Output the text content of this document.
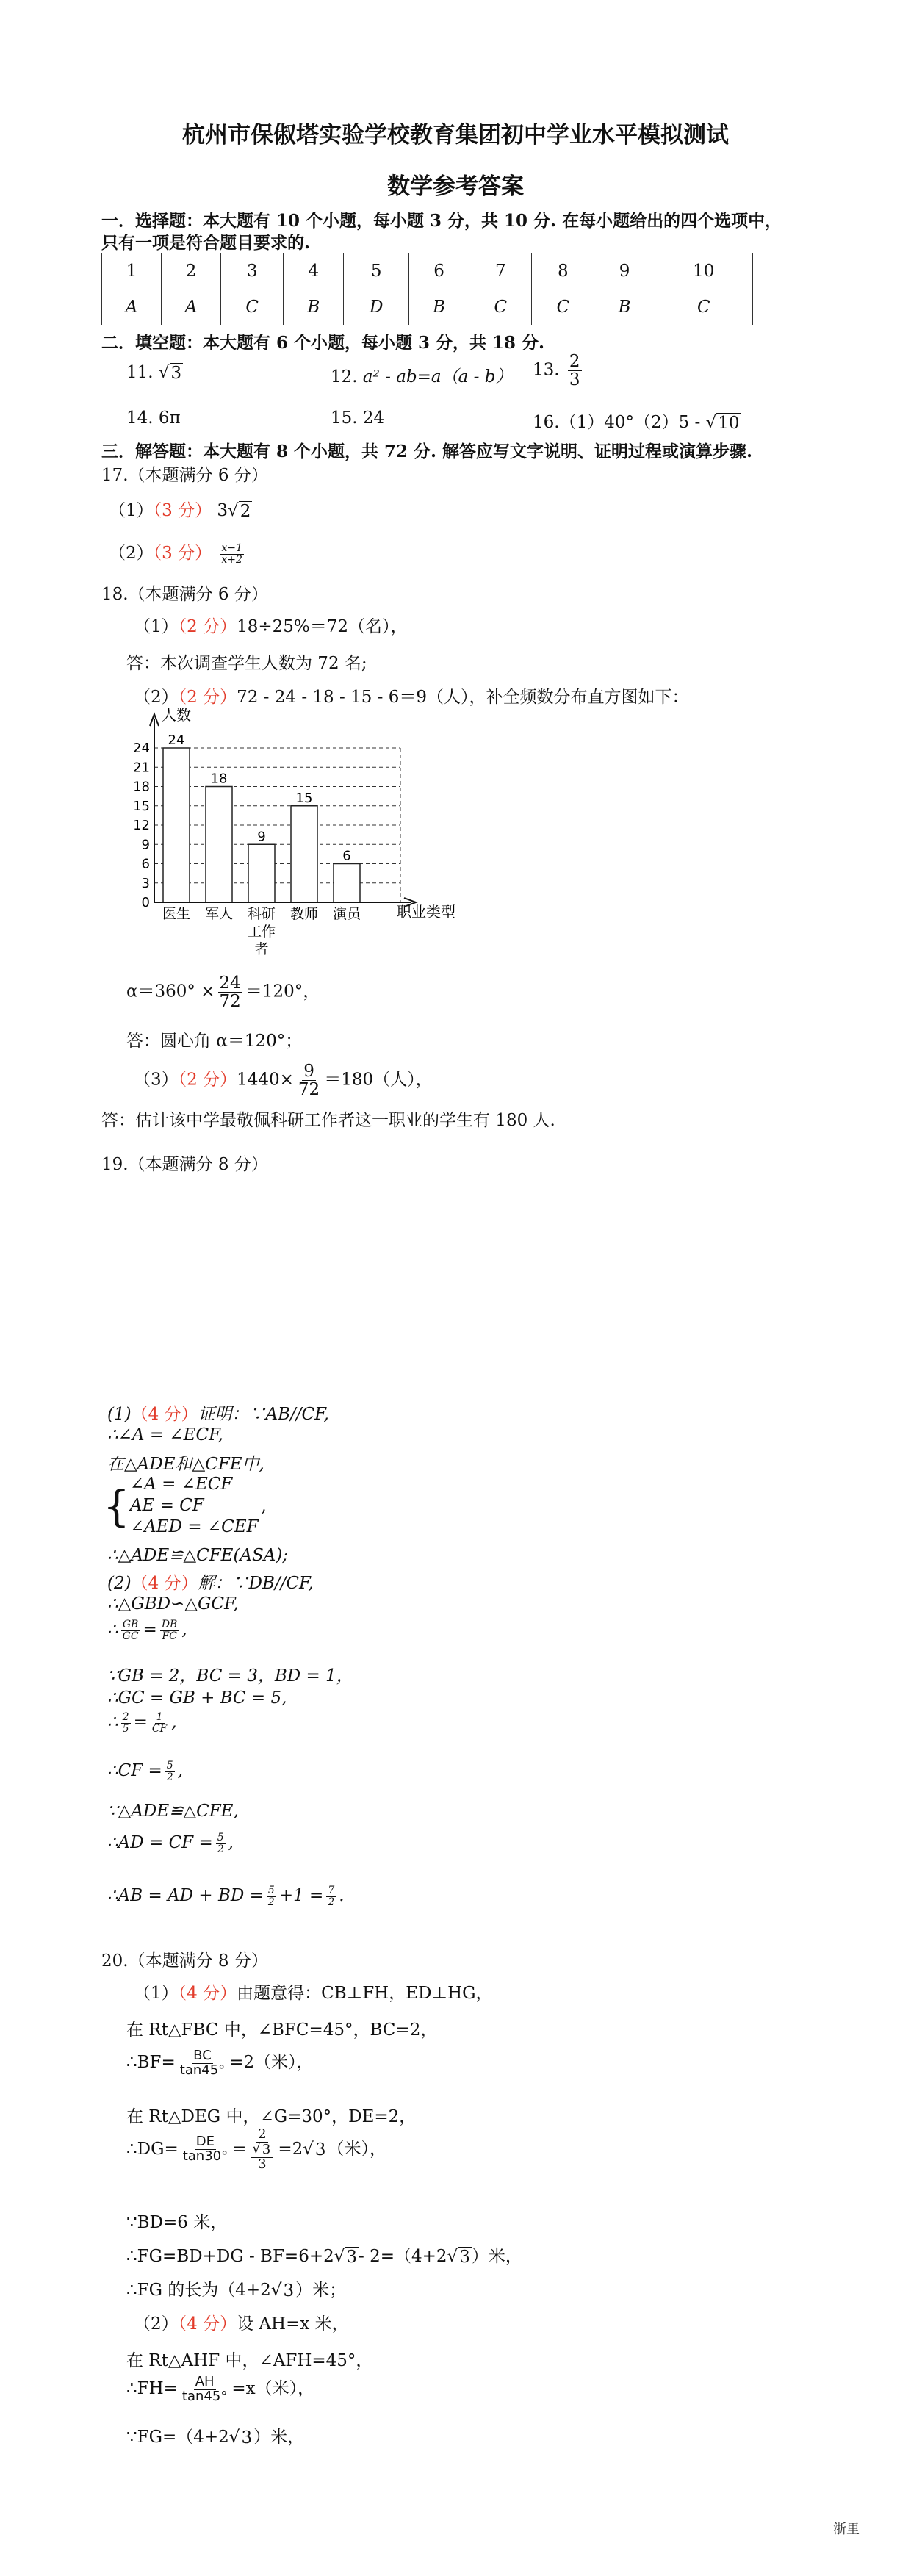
杭州市保俶塔实验学校教育集团初中学业水平模拟测试
数学参考答案
一．选择题：本大题有 10 个小题，每小题 3 分，共 10 分. 在每小题给出的四个选项中，
只有一项是符合题目要求的.
1	2	3	4	5	6	7	8	9	10
A	A	C	B	D	B	C	C	B	C
二．填空题：本大题有 6 个小题，每小题 3 分，共 18 分.
11. √ 3	12. a² - ab=a（a - b） 13. $\frac{2}{3}$
14. 6π	15. 24	16.（1）40°（2）5 - √ 10
三．解答题：本大题有 8 个小题，共 72 分. 解答应写文字说明、证明过程或演算步骤.
17.（本题满分 6 分）
（1）（3 分） 3√ 2
（2）（3 分） $\frac{x-1}{x+2}$
18.（本题满分 6 分）
（1）（2 分）18÷25%＝72（名），
答：本次调查学生人数为 72 名;
（2）（2 分）72 - 24 - 18 - 15 - 6＝9（人），补全频数分布直方图如下：
人数
职业类型
24
18
9
15
6
0
3
6
9
12
15
18
21
24
医生 军人 科研
工作
者
教师 演员
$\alpha=360^\circ \times \frac{24}{72} =120^\circ$，
答：圆心角 α＝120°；
（3）（2 分）$1440\times \frac{9}{72} =180$（人），
答：估计该中学最敬佩科研工作者这一职业的学生有 180 人.
19.（本题满分 8 分）
(1)（4 分）证明：∵AB//CF,
∴∠A = ∠ECF,
在△ADE和△CFE中,
{ ∠A = ∠ECF
AE = CF
∠AED = ∠CEF
,
∴△ADE≌△CFE(ASA);
(2)（4 分）解：∵DB//CF,
∴△GBD∽△GCF,
∴ $\frac{GB}{GC} = \frac{DB}{FC}$ ,
∵GB = 2，BC = 3，BD = 1，
∴GC = GB + BC = 5,
∴ $\frac{2}{5} = \frac{1}{CF}$ ,
∴CF = $\frac{5}{2}$ ,
∵△ADE≌△CFE,
∴AD = CF = $\frac{5}{2}$ ,
∴AB = AD + BD = $\frac{5}{2} +1 = \frac{7}{2}$ .
20.（本题满分 8 分）
（1）（4 分）由题意得：CB⊥FH，ED⊥HG，
在 Rt△FBC 中，∠BFC=45°，BC=2，
∴BF= $\frac{BC}{\tan 45^\circ} =2$（米），
在 Rt△DEG 中，∠G=30°，DE=2，
∴DG= $\frac{DE}{\tan 30^\circ} = \frac{2}{\frac{√ 3}{3}} =2√$ 3 （米），
∵BD=6 米，
∴FG=BD+DG - BF=6+2√ 3 - 2=（4+2√ 3 ）米，
∴FG 的长为（4+2√ 3 ）米；
（2）（4 分）设 AH=x 米，
在 Rt△AHF 中，∠AFH=45°，
∴FH= $\frac{AH}{\tan 45^\circ} =x$（米），
∵FG=（4+2√ 3 ）米，
浙里
